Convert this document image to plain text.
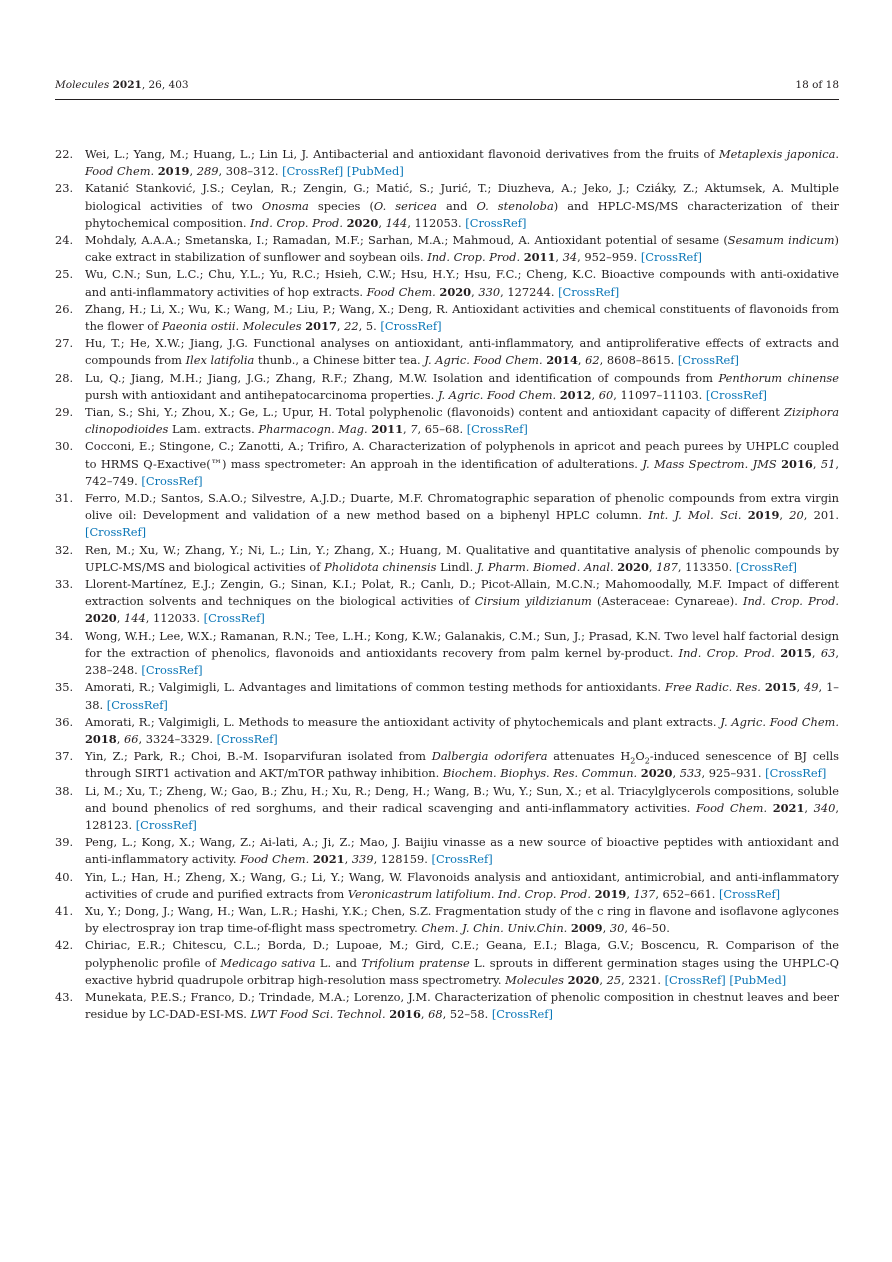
Molecules 2021, 26, 403	18 of 18
22. Wei, L.; Yang, M.; Huang, L.; Lin Li, J. Antibacterial and antioxidant flavonoid derivatives from the fruits of Metaplexis japonica. Food Chem. 2019, 289, 308–312. [CrossRef] [PubMed]
23. Katanić Stanković, J.S.; Ceylan, R.; Zengin, G.; Matić, S.; Jurić, T.; Diuzheva, A.; Jeko, J.; Cziáky, Z.; Aktumsek, A. Multiple biological activities of two Onosma species (O. sericea and O. stenoloba) and HPLC-MS/MS characterization of their phytochemical composition. Ind. Crop. Prod. 2020, 144, 112053. [CrossRef]
24. Mohdaly, A.A.A.; Smetanska, I.; Ramadan, M.F.; Sarhan, M.A.; Mahmoud, A. Antioxidant potential of sesame (Sesamum indicum) cake extract in stabilization of sunflower and soybean oils. Ind. Crop. Prod. 2011, 34, 952–959. [CrossRef]
25. Wu, C.N.; Sun, L.C.; Chu, Y.L.; Yu, R.C.; Hsieh, C.W.; Hsu, H.Y.; Hsu, F.C.; Cheng, K.C. Bioactive compounds with anti-oxidative and anti-inflammatory activities of hop extracts. Food Chem. 2020, 330, 127244. [CrossRef]
26. Zhang, H.; Li, X.; Wu, K.; Wang, M.; Liu, P.; Wang, X.; Deng, R. Antioxidant activities and chemical constituents of flavonoids from the flower of Paeonia ostii. Molecules 2017, 22, 5. [CrossRef]
27. Hu, T.; He, X.W.; Jiang, J.G. Functional analyses on antioxidant, anti-inflammatory, and antiproliferative effects of extracts and compounds from Ilex latifolia thunb., a Chinese bitter tea. J. Agric. Food Chem. 2014, 62, 8608–8615. [CrossRef]
28. Lu, Q.; Jiang, M.H.; Jiang, J.G.; Zhang, R.F.; Zhang, M.W. Isolation and identification of compounds from Penthorum chinense pursh with antioxidant and antihepatocarcinoma properties. J. Agric. Food Chem. 2012, 60, 11097–11103. [CrossRef]
29. Tian, S.; Shi, Y.; Zhou, X.; Ge, L.; Upur, H. Total polyphenolic (flavonoids) content and antioxidant capacity of different Ziziphora clinopodioides Lam. extracts. Pharmacogn. Mag. 2011, 7, 65–68. [CrossRef]
30. Cocconi, E.; Stingone, C.; Zanotti, A.; Trifiro, A. Characterization of polyphenols in apricot and peach purees by UHPLC coupled to HRMS Q-Exactive(™) mass spectrometer: An approah in the identification of adulterations. J. Mass Spectrom. JMS 2016, 51, 742–749. [CrossRef]
31. Ferro, M.D.; Santos, S.A.O.; Silvestre, A.J.D.; Duarte, M.F. Chromatographic separation of phenolic compounds from extra virgin olive oil: Development and validation of a new method based on a biphenyl HPLC column. Int. J. Mol. Sci. 2019, 20, 201. [CrossRef]
32. Ren, M.; Xu, W.; Zhang, Y.; Ni, L.; Lin, Y.; Zhang, X.; Huang, M. Qualitative and quantitative analysis of phenolic compounds by UPLC-MS/MS and biological activities of Pholidota chinensis Lindl. J. Pharm. Biomed. Anal. 2020, 187, 113350. [CrossRef]
33. Llorent-Martínez, E.J.; Zengin, G.; Sinan, K.I.; Polat, R.; Canlı, D.; Picot-Allain, M.C.N.; Mahomoodally, M.F. Impact of different extraction solvents and techniques on the biological activities of Cirsium yildizianum (Asteraceae: Cynareae). Ind. Crop. Prod. 2020, 144, 112033. [CrossRef]
34. Wong, W.H.; Lee, W.X.; Ramanan, R.N.; Tee, L.H.; Kong, K.W.; Galanakis, C.M.; Sun, J.; Prasad, K.N. Two level half factorial design for the extraction of phenolics, flavonoids and antioxidants recovery from palm kernel by-product. Ind. Crop. Prod. 2015, 63, 238–248. [CrossRef]
35. Amorati, R.; Valgimigli, L. Advantages and limitations of common testing methods for antioxidants. Free Radic. Res. 2015, 49, 1–38. [CrossRef]
36. Amorati, R.; Valgimigli, L. Methods to measure the antioxidant activity of phytochemicals and plant extracts. J. Agric. Food Chem. 2018, 66, 3324–3329. [CrossRef]
37. Yin, Z.; Park, R.; Choi, B.-M. Isoparvifuran isolated from Dalbergia odorifera attenuates $H_2O_2$-induced senescence of BJ cells through SIRT1 activation and AKT/mTOR pathway inhibition. Biochem. Biophys. Res. Commun. 2020, 533, 925–931. [CrossRef]
38. Li, M.; Xu, T.; Zheng, W.; Gao, B.; Zhu, H.; Xu, R.; Deng, H.; Wang, B.; Wu, Y.; Sun, X.; et al. Triacylglycerols compositions, soluble and bound phenolics of red sorghums, and their radical scavenging and anti-inflammatory activities. Food Chem. 2021, 340, 128123. [CrossRef]
39. Peng, L.; Kong, X.; Wang, Z.; Ai-lati, A.; Ji, Z.; Mao, J. Baijiu vinasse as a new source of bioactive peptides with antioxidant and anti-inflammatory activity. Food Chem. 2021, 339, 128159. [CrossRef]
40. Yin, L.; Han, H.; Zheng, X.; Wang, G.; Li, Y.; Wang, W. Flavonoids analysis and antioxidant, antimicrobial, and anti-inflammatory activities of crude and purified extracts from Veronicastrum latifolium. Ind. Crop. Prod. 2019, 137, 652–661. [CrossRef]
41. Xu, Y.; Dong, J.; Wang, H.; Wan, L.R.; Hashi, Y.K.; Chen, S.Z. Fragmentation study of the c ring in flavone and isoflavone aglycones by electrospray ion trap time-of-flight mass spectrometry. Chem. J. Chin. Univ.Chin. 2009, 30, 46–50.
42. Chiriac, E.R.; Chitescu, C.L.; Borda, D.; Lupoae, M.; Gird, C.E.; Geana, E.I.; Blaga, G.V.; Boscencu, R. Comparison of the polyphenolic profile of Medicago sativa L. and Trifolium pratense L. sprouts in different germination stages using the UHPLC-Q exactive hybrid quadrupole orbitrap high-resolution mass spectrometry. Molecules 2020, 25, 2321. [CrossRef] [PubMed]
43. Munekata, P.E.S.; Franco, D.; Trindade, M.A.; Lorenzo, J.M. Characterization of phenolic composition in chestnut leaves and beer residue by LC-DAD-ESI-MS. LWT Food Sci. Technol. 2016, 68, 52–58. [CrossRef]
